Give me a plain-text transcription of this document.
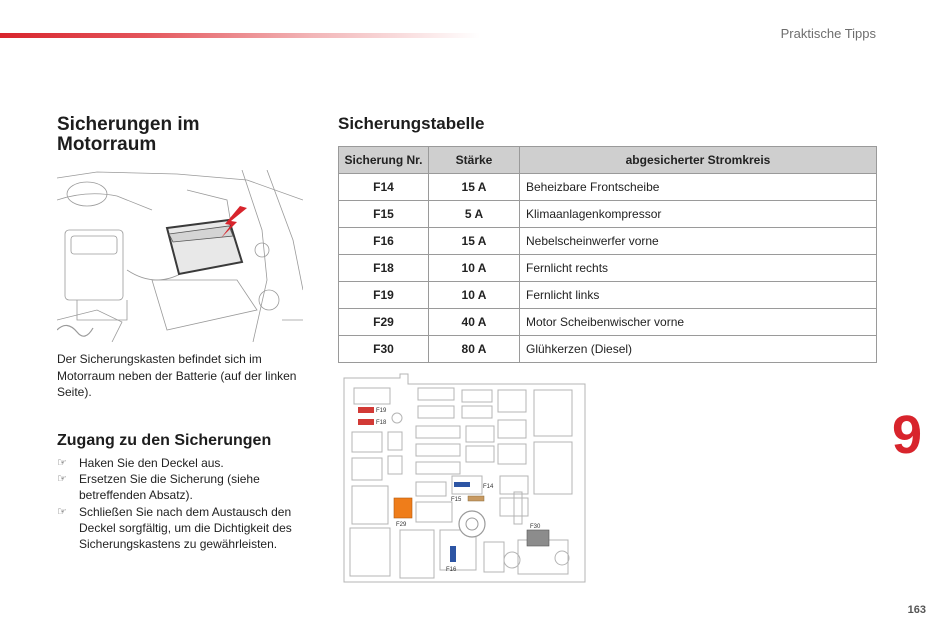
Praktische Tipps
Sicherungen im Motorraum
Der Sicherungskasten befindet sich im Motorraum neben der Batterie (auf der linken Seite).
Zugang zu den Sicherungen
☞ Haken Sie den Deckel aus.
☞ Ersetzen Sie die Sicherung (siehe betreffenden Absatz).
☞ Schließen Sie nach dem Austausch den Deckel sorgfältig, um die Dichtigkeit des Sicherungskastens zu gewährleisten.
Sicherungstabelle
Sicherung Nr.	Stärke	abgesicherter Stromkreis
F14	15 A	Beheizbare Frontscheibe
F15	5 A	Klimaanlagenkompressor
F16	15 A	Nebelscheinwerfer vorne
F18	10 A	Fernlicht rechts
F19	10 A	Fernlicht links
F29	40 A	Motor Scheibenwischer vorne
F30	80 A	Glühkerzen (Diesel)
F19
F18
F14
F15
F29	F30
F16
9
163
